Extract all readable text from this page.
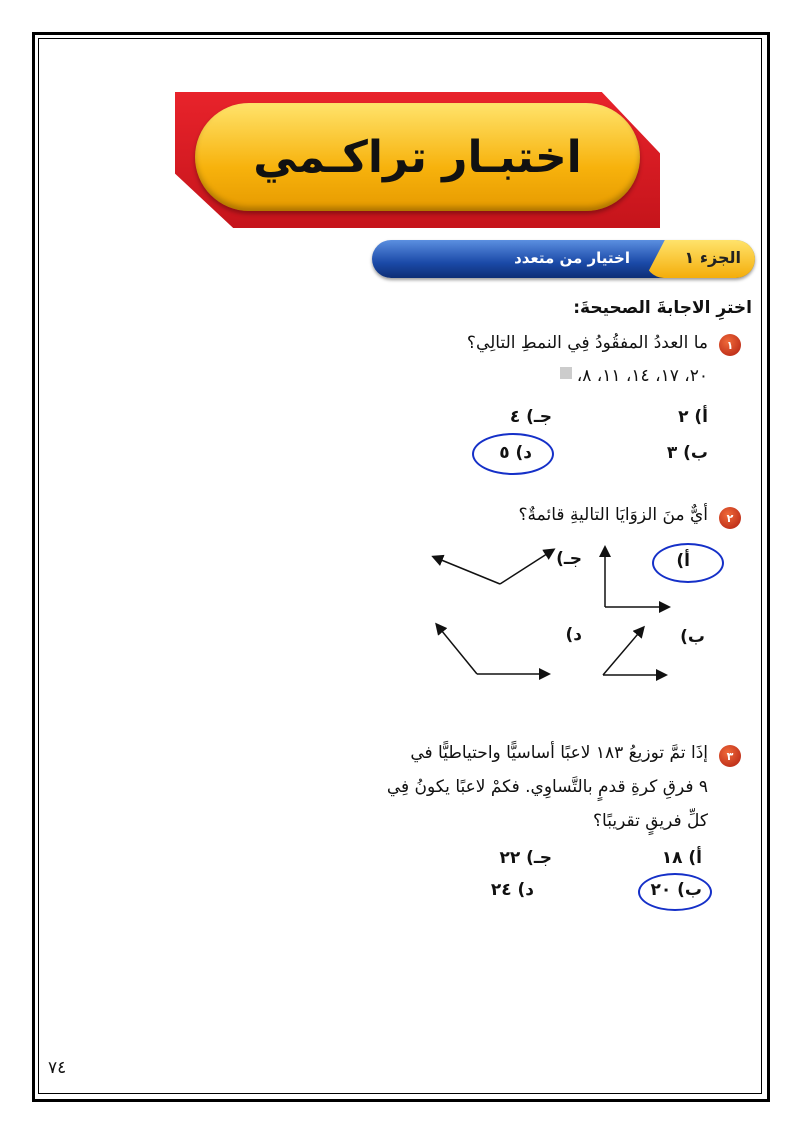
اختبـار تراكـمي
الجزء ١
اختيار من متعدد
اخترِ الاجابةَ الصحيحةَ:
١
ما العددُ المفقُودُ فِي النمطِ التالِي؟
٢٠، ١٧، ١٤، ١١، ٨،
أ) ٢
جـ) ٤
ب) ٣
د) ٥
٢
أيٌّ منَ الزوَايَا التاليةِ قائمةٌ؟
أ)
جـ)
ب)
د)
٣
إذَا تمَّ توزيعُ ١٨٣ لاعبًا أساسيًّا واحتياطيًّا في
٩ فرقِ كرةِ قدمٍ بالتَّساوِي. فكمْ لاعبًا يكونُ فِي
كلِّ فريقٍ تقريبًا؟
أ) ١٨
جـ) ٢٢
ب) ٢٠
د) ٢٤
٧٤
